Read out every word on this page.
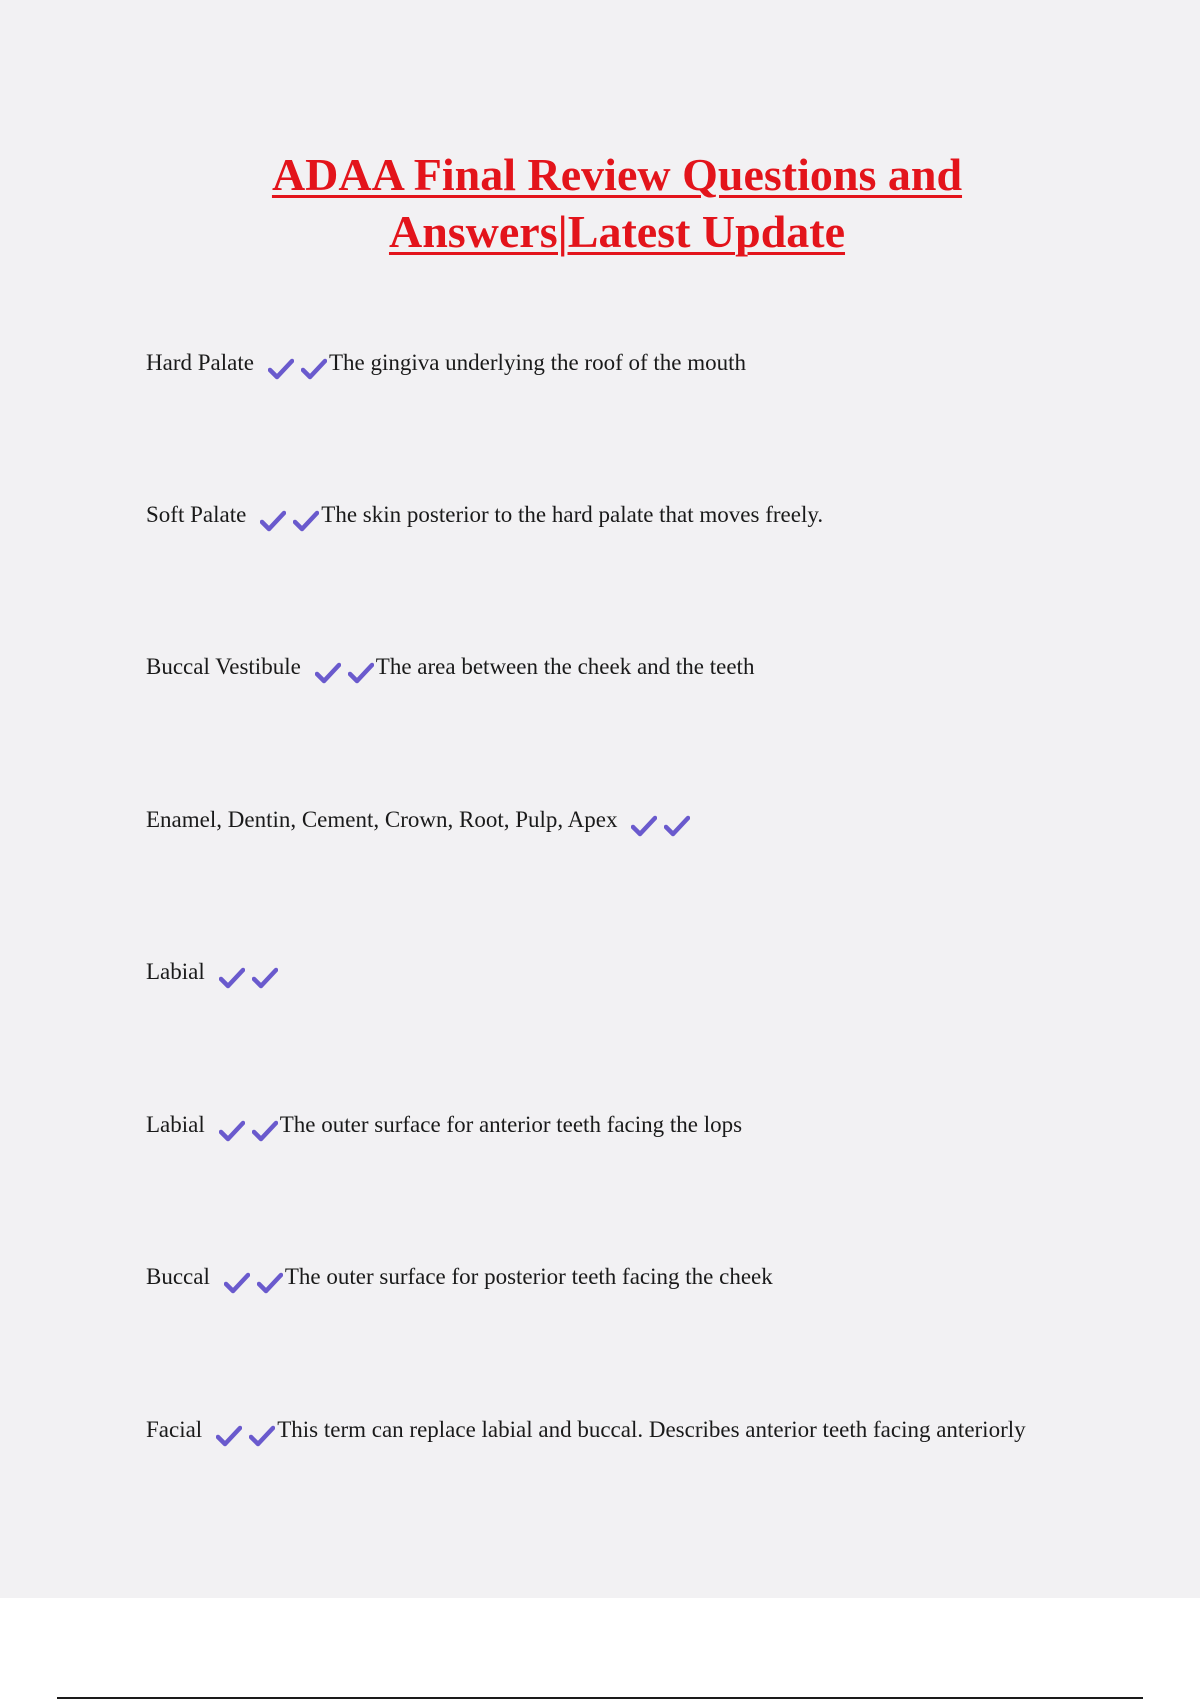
ADAA Final Review Questions and
Answers|Latest Update
Hard Palate	The gingiva underlying the roof of the mouth
Soft Palate	The skin posterior to the hard palate that moves freely.
Buccal Vestibule	The area between the cheek and the teeth
Enamel, Dentin, Cement, Crown, Root, Pulp, Apex
Labial
Labial	The outer surface for anterior teeth facing the lops
Buccal	The outer surface for posterior teeth facing the cheek
Facial	This term can replace labial and buccal. Describes anterior teeth facing anteriorly
